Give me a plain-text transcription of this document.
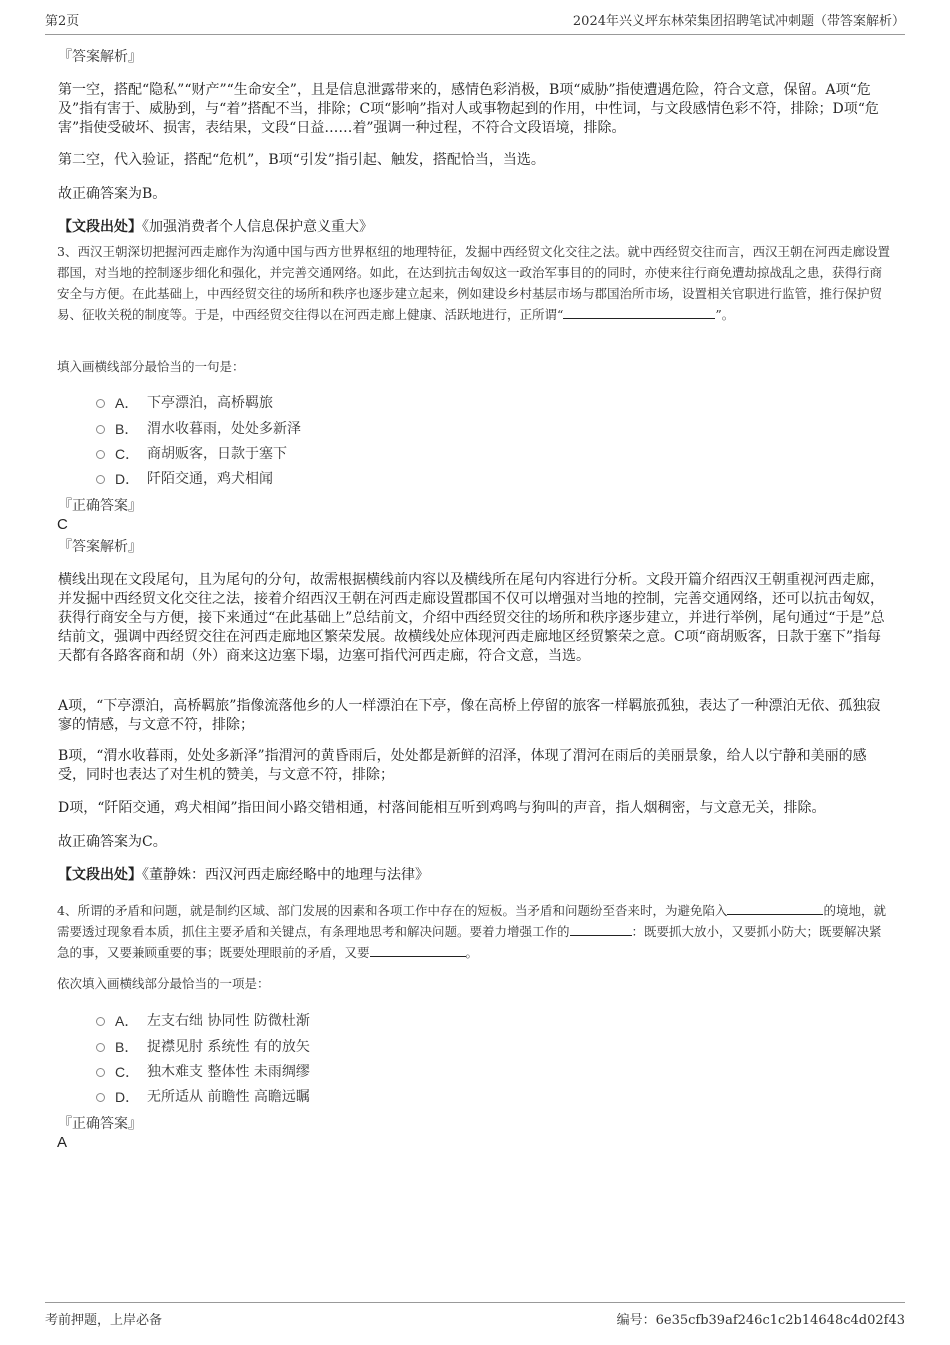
第2页	2024年兴义坪东林荣集团招聘笔试冲刺题（带答案解析）
『答案解析』
第一空，搭配“隐私”“财产”“生命安全”，且是信息泄露带来的，感情色彩消极，B项“威胁”指使遭遇危险，符合文意，保留。A项“危及”指有害于、威胁到，与“着”搭配不当，排除；C项“影响”指对人或事物起到的作用，中性词，与文段感情色彩不符，排除；D项“危害”指使受破坏、损害，表结果，文段“日益……着”强调一种过程，不符合文段语境，排除。
第二空，代入验证，搭配“危机”，B项“引发”指引起、触发，搭配恰当，当选。
故正确答案为B。
【文段出处】《加强消费者个人信息保护意义重大》
3、西汉王朝深切把握河西走廊作为沟通中国与西方世界枢纽的地理特征，发掘中西经贸文化交往之法。就中西经贸交往而言，西汉王朝在河西走廊设置郡国，对当地的控制逐步细化和强化，并完善交通网络。如此，在达到抗击匈奴这一政治军事目的的同时，亦使来往行商免遭劫掠战乱之患，获得行商安全与方便。在此基础上，中西经贸交往的场所和秩序也逐步建立起来，例如建设乡村基层市场与郡国治所市场，设置相关官职进行监管，推行保护贸易、征收关税的制度等。于是，中西经贸交往得以在河西走廊上健康、活跃地进行，正所谓“	”。
填入画横线部分最恰当的一句是：
A． 下亭漂泊，高桥羁旅
B． 渭水收暮雨，处处多新泽
C． 商胡贩客，日款于塞下
D． 阡陌交通，鸡犬相闻
『正确答案』
C
『答案解析』
横线出现在文段尾句，且为尾句的分句，故需根据横线前内容以及横线所在尾句内容进行分析。文段开篇介绍西汉王朝重视河西走廊，并发掘中西经贸文化交往之法，接着介绍西汉王朝在河西走廊设置郡国不仅可以增强对当地的控制，完善交通网络，还可以抗击匈奴，获得行商安全与方便，接下来通过“在此基础上”总结前文，介绍中西经贸交往的场所和秩序逐步建立，并进行举例，尾句通过“于是”总结前文，强调中西经贸交往在河西走廊地区繁荣发展。故横线处应体现河西走廊地区经贸繁荣之意。C项“商胡贩客，日款于塞下”指每天都有各路客商和胡（外）商来这边塞下塌，边塞可指代河西走廊，符合文意，当选。
A项，“下亭漂泊，高桥羁旅”指像流落他乡的人一样漂泊在下亭，像在高桥上停留的旅客一样羁旅孤独，表达了一种漂泊无依、孤独寂寥的情感，与文意不符，排除；
B项，“渭水收暮雨，处处多新泽”指渭河的黄昏雨后，处处都是新鲜的沼泽，体现了渭河在雨后的美丽景象，给人以宁静和美丽的感受，同时也表达了对生机的赞美，与文意不符，排除；
D项，“阡陌交通，鸡犬相闻”指田间小路交错相通，村落间能相互听到鸡鸣与狗叫的声音，指人烟稠密，与文意无关，排除。
故正确答案为C。
【文段出处】《董静姝：西汉河西走廊经略中的地理与法律》
4、所谓的矛盾和问题，就是制约区域、部门发展的因素和各项工作中存在的短板。当矛盾和问题纷至沓来时，为避免陷入	的境地，就需要透过现象看本质，抓住主要矛盾和关键点，有条理地思考和解决问题。要着力增强工作的	：既要抓大放小，又要抓小防大；既要解决紧急的事，又要兼顾重要的事；既要处理眼前的矛盾，又要	。
依次填入画横线部分最恰当的一项是：
A． 左支右绌 协同性 防微杜渐
B． 捉襟见肘 系统性 有的放矢
C． 独木难支 整体性 未雨绸缪
D． 无所适从 前瞻性 高瞻远瞩
『正确答案』
A
考前押题，上岸必备	编号：6e35cfb39af246c1c2b14648c4d02f43
